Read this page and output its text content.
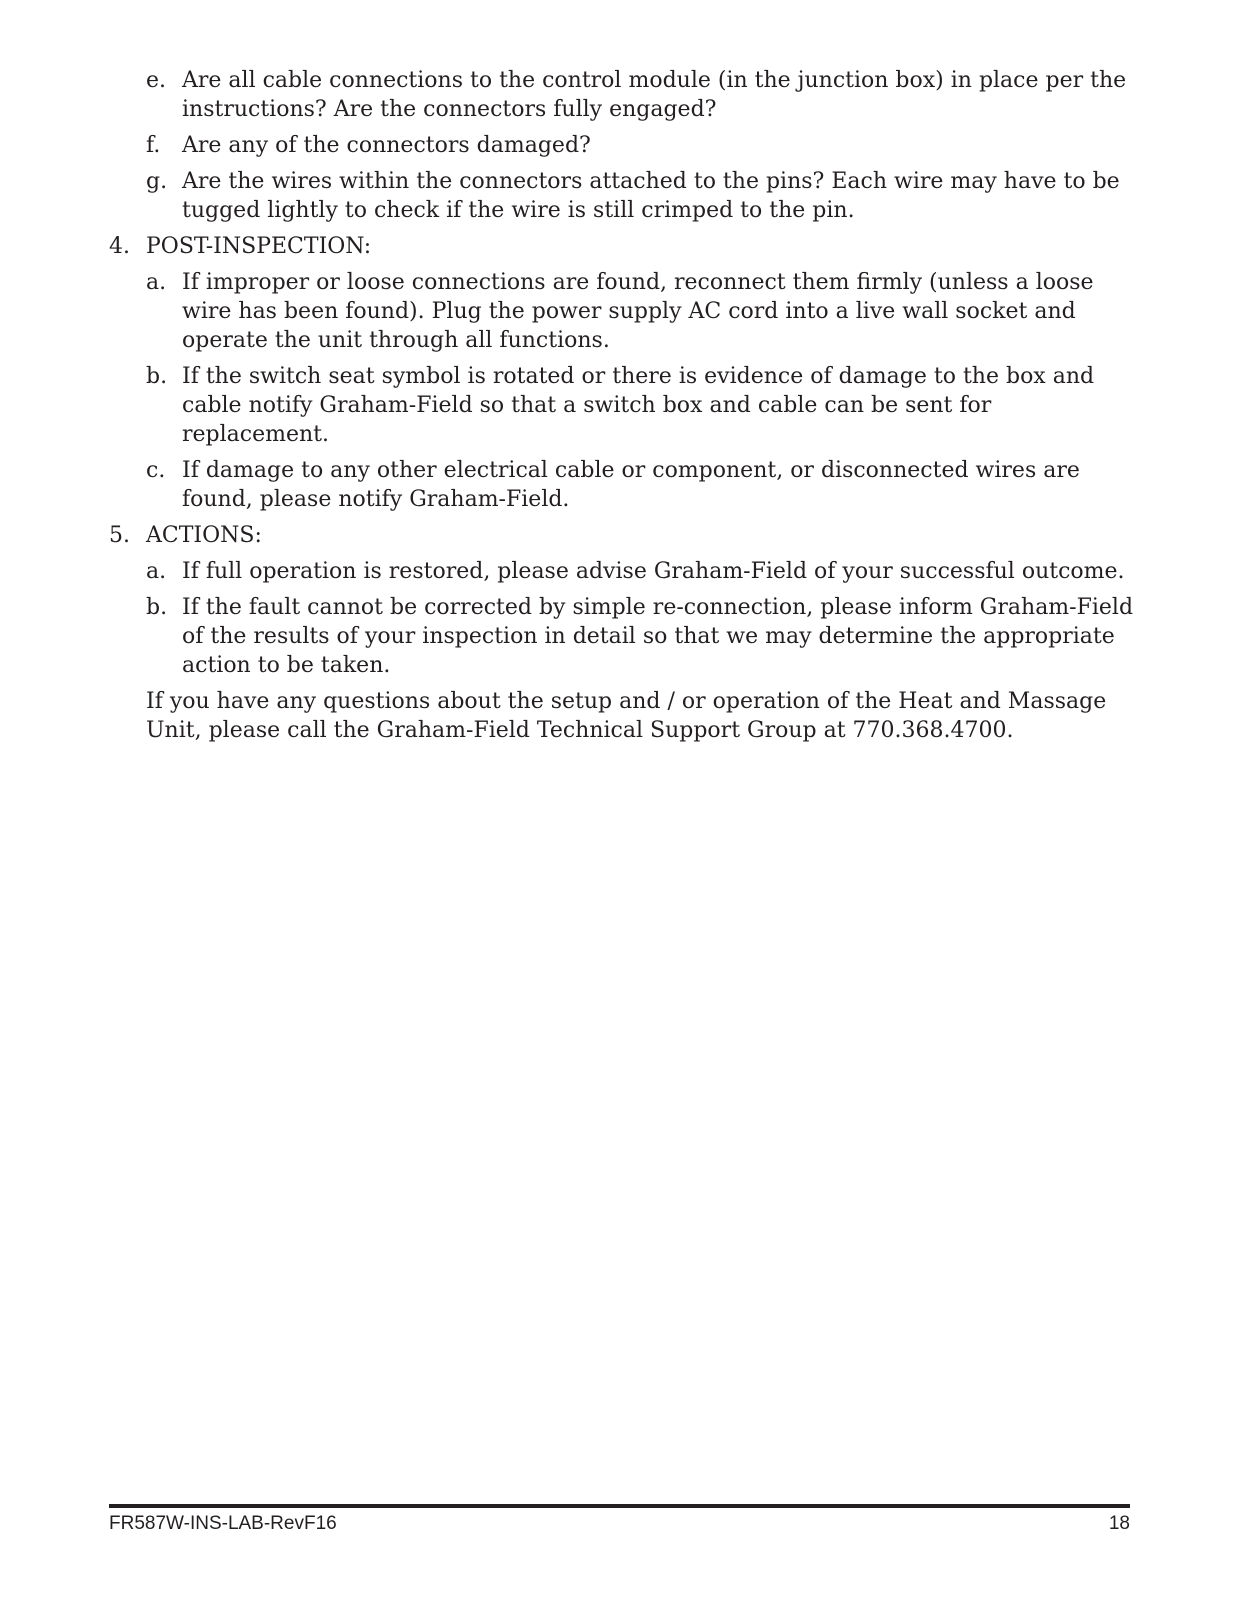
e. Are all cable connections to the control module (in the junction box) in place per the instructions? Are the connectors fully engaged?
f. Are any of the connectors damaged?
g. Are the wires within the connectors attached to the pins? Each wire may have to be tugged lightly to check if the wire is still crimped to the pin.
4. POST-INSPECTION:
a. If improper or loose connections are found, reconnect them firmly (unless a loose wire has been found). Plug the power supply AC cord into a live wall socket and operate the unit through all functions.
b. If the switch seat symbol is rotated or there is evidence of damage to the box and cable notify Graham-Field so that a switch box and cable can be sent for replacement.
c. If damage to any other electrical cable or component, or disconnected wires are found, please notify Graham-Field.
5. ACTIONS:
a. If full operation is restored, please advise Graham-Field of your successful outcome.
b. If the fault cannot be corrected by simple re-connection, please inform Graham-Field of the results of your inspection in detail so that we may determine the appropriate action to be taken.
If you have any questions about the setup and / or operation of the Heat and Massage Unit, please call the Graham-Field Technical Support Group at 770.368.4700.
FR587W-INS-LAB-RevF16	18
